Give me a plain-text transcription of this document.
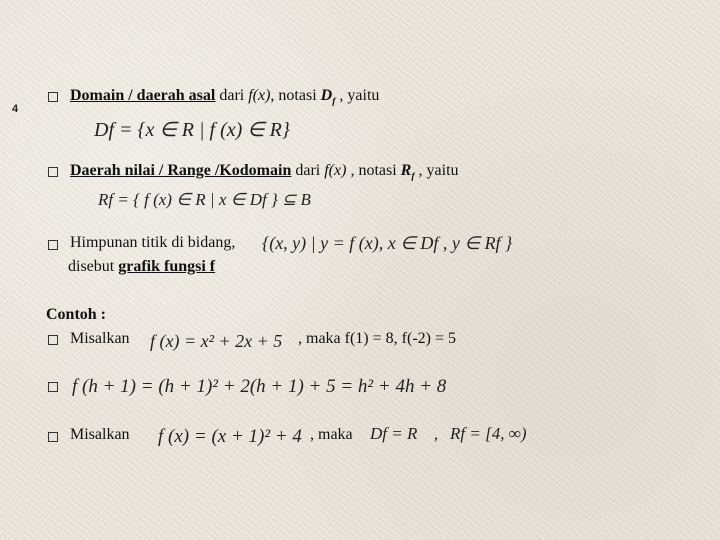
4
Domain / daerah asal dari f(x), notasi $D_f$ , yaitu
Df = {x ∈ R | f (x) ∈ R}
Daerah nilai / Range /Kodomain dari f(x) , notasi $R_f$ , yaitu
Rf = { f (x) ∈ R | x ∈ Df } ⊆ B
Himpunan titik di bidang, {(x, y) | y = f (x), x ∈ Df , y ∈ Rf }
disebut grafik fungsi f
Contoh :
Misalkan f (x) = x² + 2x + 5 , maka f(1) = 8, f(-2) = 5
f (h + 1) = (h + 1)² + 2(h + 1) + 5 = h² + 4h + 8
Misalkan f (x) = (x + 1)² + 4 , maka Df = R , Rf = [4, ∞)
